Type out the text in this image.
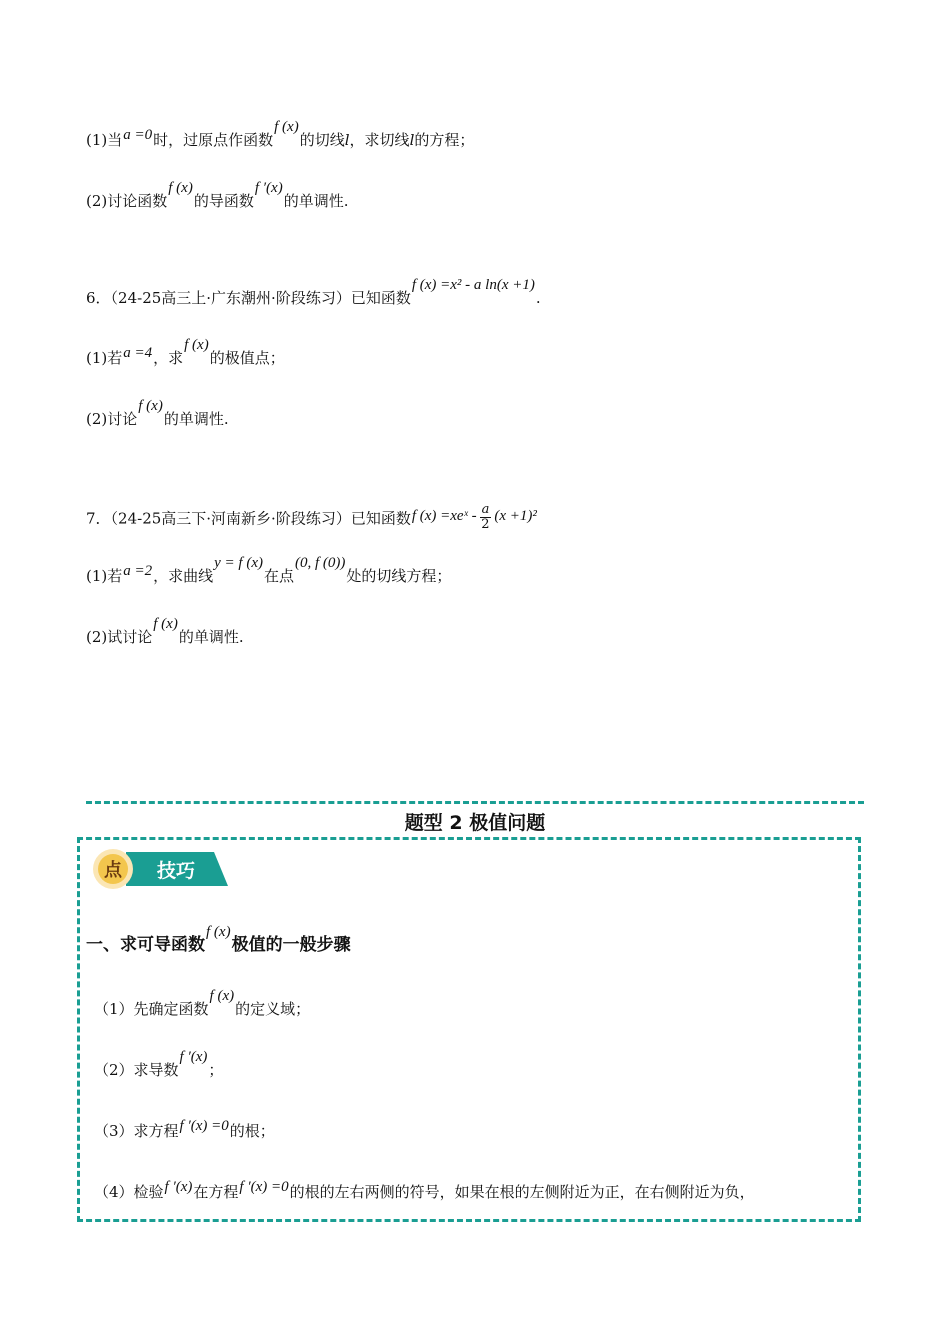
(1)当a =0时，过原点作函数f (x)的切线l，求切线l的方程；
(2)讨论函数f (x)的导函数f ′(x)的单调性.
6．（24-25高三上·广东潮州·阶段练习）已知函数f (x) =x² - a ln(x +1).
(1)若a =4，求f (x)的极值点；
(2)讨论f (x)的单调性.
7．（24-25高三下·河南新乡·阶段练习）已知函数f (x) =xeˣ - $\frac{a}{2} (x +1)^2$
(1)若a =2，求曲线y = f (x)在点(0, f (0))处的切线方程；
(2)试讨论f (x)的单调性.
题型 2 极值问题
点 技巧
一、求可导函数f (x)极值的一般步骤
（1）先确定函数f (x)的定义域；
（2）求导数f ′(x)；
（3）求方程f ′(x) =0的根；
（4）检验f ′(x)在方程f ′(x) =0的根的左右两侧的符号，如果在根的左侧附近为正，在右侧附近为负，
